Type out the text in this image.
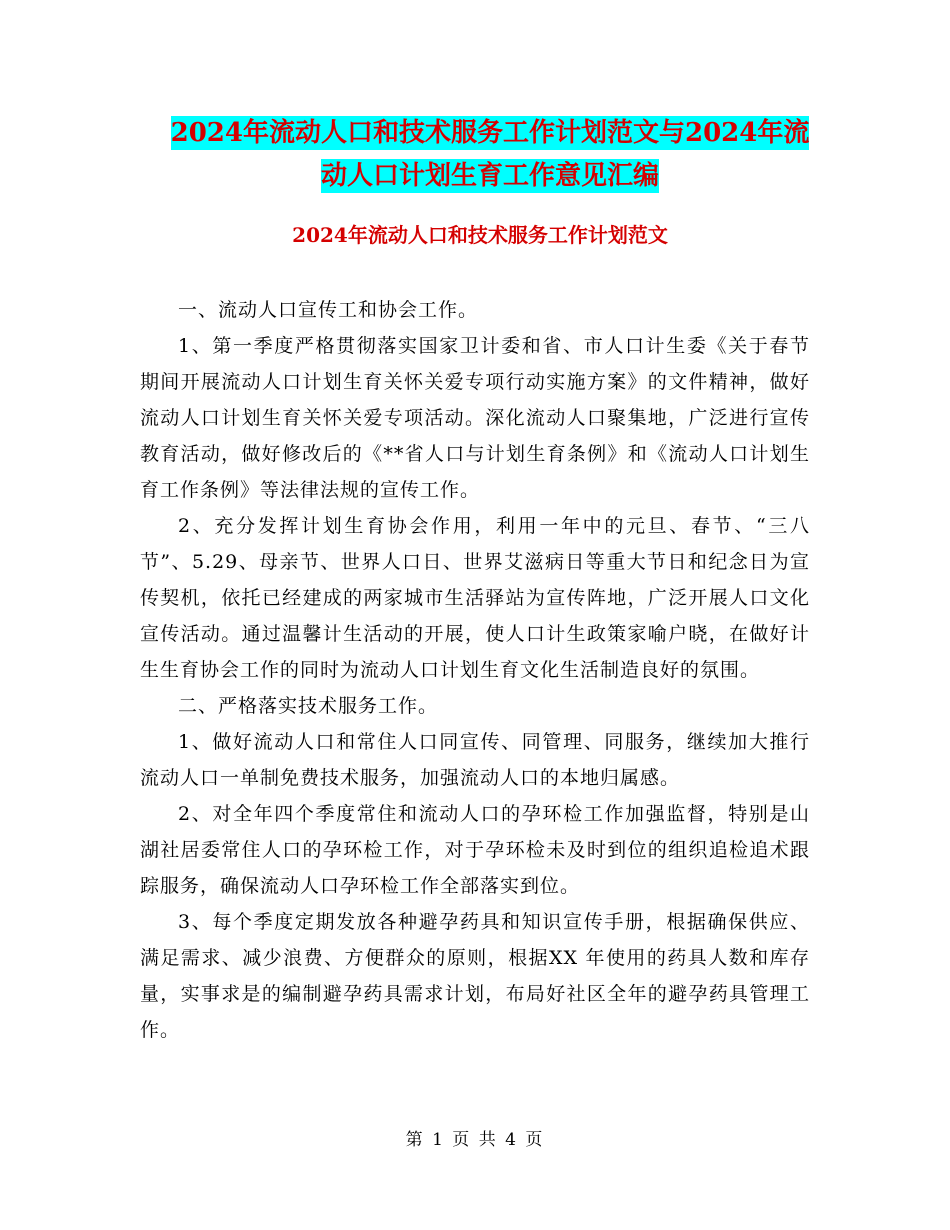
2024年流动人口和技术服务工作计划范文与2024年流
动人口计划生育工作意见汇编
2024年流动人口和技术服务工作计划范文

一、流动人口宣传工和协会工作。

1、第一季度严格贯彻落实国家卫计委和省、市人口计生委《关于春节期间开展流动人口计划生育关怀关爱专项行动实施方案》的文件精神，做好流动人口计划生育关怀关爱专项活动。深化流动人口聚集地，广泛进行宣传教育活动，做好修改后的《**省人口与计划生育条例》和《流动人口计划生育工作条例》等法律法规的宣传工作。

2、充分发挥计划生育协会作用，利用一年中的元旦、春节、“三八节”、5.29、母亲节、世界人口日、世界艾滋病日等重大节日和纪念日为宣传契机，依托已经建成的两家城市生活驿站为宣传阵地，广泛开展人口文化宣传活动。通过温馨计生活动的开展，使人口计生政策家喻户晓，在做好计生生育协会工作的同时为流动人口计划生育文化生活制造良好的氛围。

二、严格落实技术服务工作。

1、做好流动人口和常住人口同宣传、同管理、同服务，继续加大推行流动人口一单制免费技术服务，加强流动人口的本地归属感。

2、对全年四个季度常住和流动人口的孕环检工作加强监督，特别是山湖社居委常住人口的孕环检工作，对于孕环检未及时到位的组织追检追术跟踪服务，确保流动人口孕环检工作全部落实到位。

3、每个季度定期发放各种避孕药具和知识宣传手册，根据确保供应、满足需求、减少浪费、方便群众的原则，根据XX 年使用的药具人数和库存量，实事求是的编制避孕药具需求计划，布局好社区全年的避孕药具管理工作。

第 1 页 共 4 页
